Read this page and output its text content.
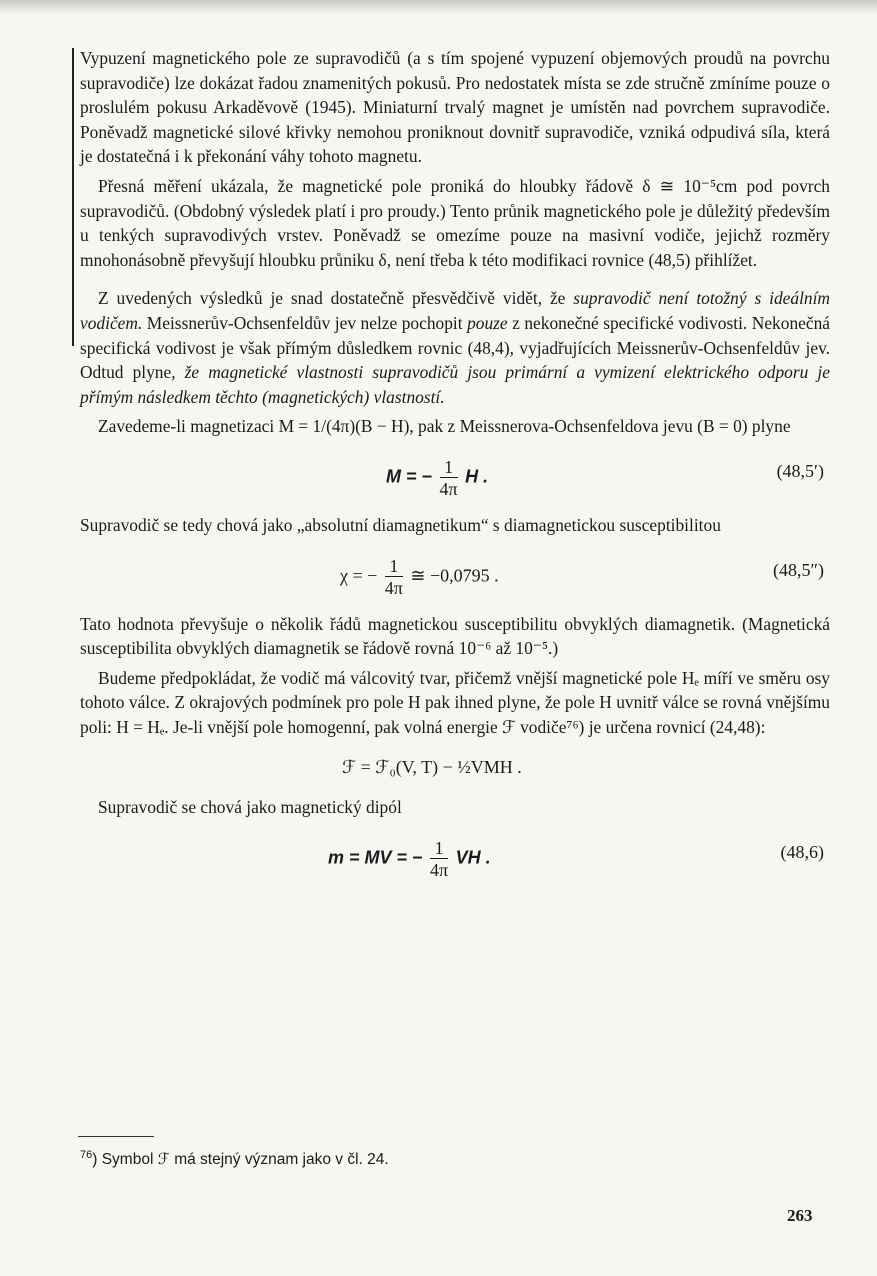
Vypuzení magnetického pole ze supravodičů (a s tím spojené vypuzení objemových proudů na povrchu supravodiče) lze dokázat řadou znamenitých pokusů. Pro nedostatek místa se zde stručně zmíníme pouze o proslulém pokusu Arkaděvově (1945). Miniaturní trvalý magnet je umístěn nad povrchem supravodiče. Poněvadž magnetické silové křivky nemohou proniknout dovnitř supravodiče, vzniká odpudivá síla, která je dostatečná i k překonání váhy tohoto magnetu.

Přesná měření ukázala, že magnetické pole proniká do hloubky řádově δ ≅ 10⁻⁵cm pod povrch supravodičů. (Obdobný výsledek platí i pro proudy.) Tento průnik magnetického pole je důležitý především u tenkých supravodivých vrstev. Poněvadž se omezíme pouze na masivní vodiče, jejichž rozměry mnohonásobně převyšují hloubku průniku δ, není třeba k této modifikaci rovnice (48,5) přihlížet.

Z uvedených výsledků je snad dostatečně přesvědčivě vidět, že supravodič není totožný s ideálním vodičem. Meissnerův-Ochsenfeldův jev nelze pochopit pouze z nekonečné specifické vodivosti. Nekonečná specifická vodivost je však přímým důsledkem rovnic (48,4), vyjadřujících Meissnerův-Ochsenfeldův jev. Odtud plyne, že magnetické vlastnosti supravodičů jsou primární a vymizení elektrického odporu je přímým následkem těchto (magnetických) vlastností.

Zavedeme-li magnetizaci M = 1/(4π)(B − H), pak z Meissnerova-Ochsenfeldova jevu (B = 0) plyne

M = − $\frac{1}{4\pi}$ H .	(48,5′)

Supravodič se tedy chová jako „absolutní diamagnetikum“ s diamagnetickou susceptibilitou

χ = − $\frac{1}{4\pi}$ ≅ −0,0795 .	(48,5″)

Tato hodnota převyšuje o několik řádů magnetickou susceptibilitu obvyklých diamagnetik. (Magnetická susceptibilita obvyklých diamagnetik se řádově rovná 10⁻⁶ až 10⁻⁵.)

Budeme předpokládat, že vodič má válcovitý tvar, přičemž vnější magnetické pole Hₑ míří ve směru osy tohoto válce. Z okrajových podmínek pro pole H pak ihned plyne, že pole H uvnitř válce se rovná vnějšímu poli: H = Hₑ. Je-li vnější pole homogenní, pak volná energie ℱ vodiče⁷⁶) je určena rovnicí (24,48):

ℱ = ℱ₀(V, T) − ½VMH .

Supravodič se chová jako magnetický dipól

m = MV = − $\frac{1}{4\pi}$ VH .	(48,6)
$^{76}$) Symbol ℱ má stejný význam jako v čl. 24.
263
